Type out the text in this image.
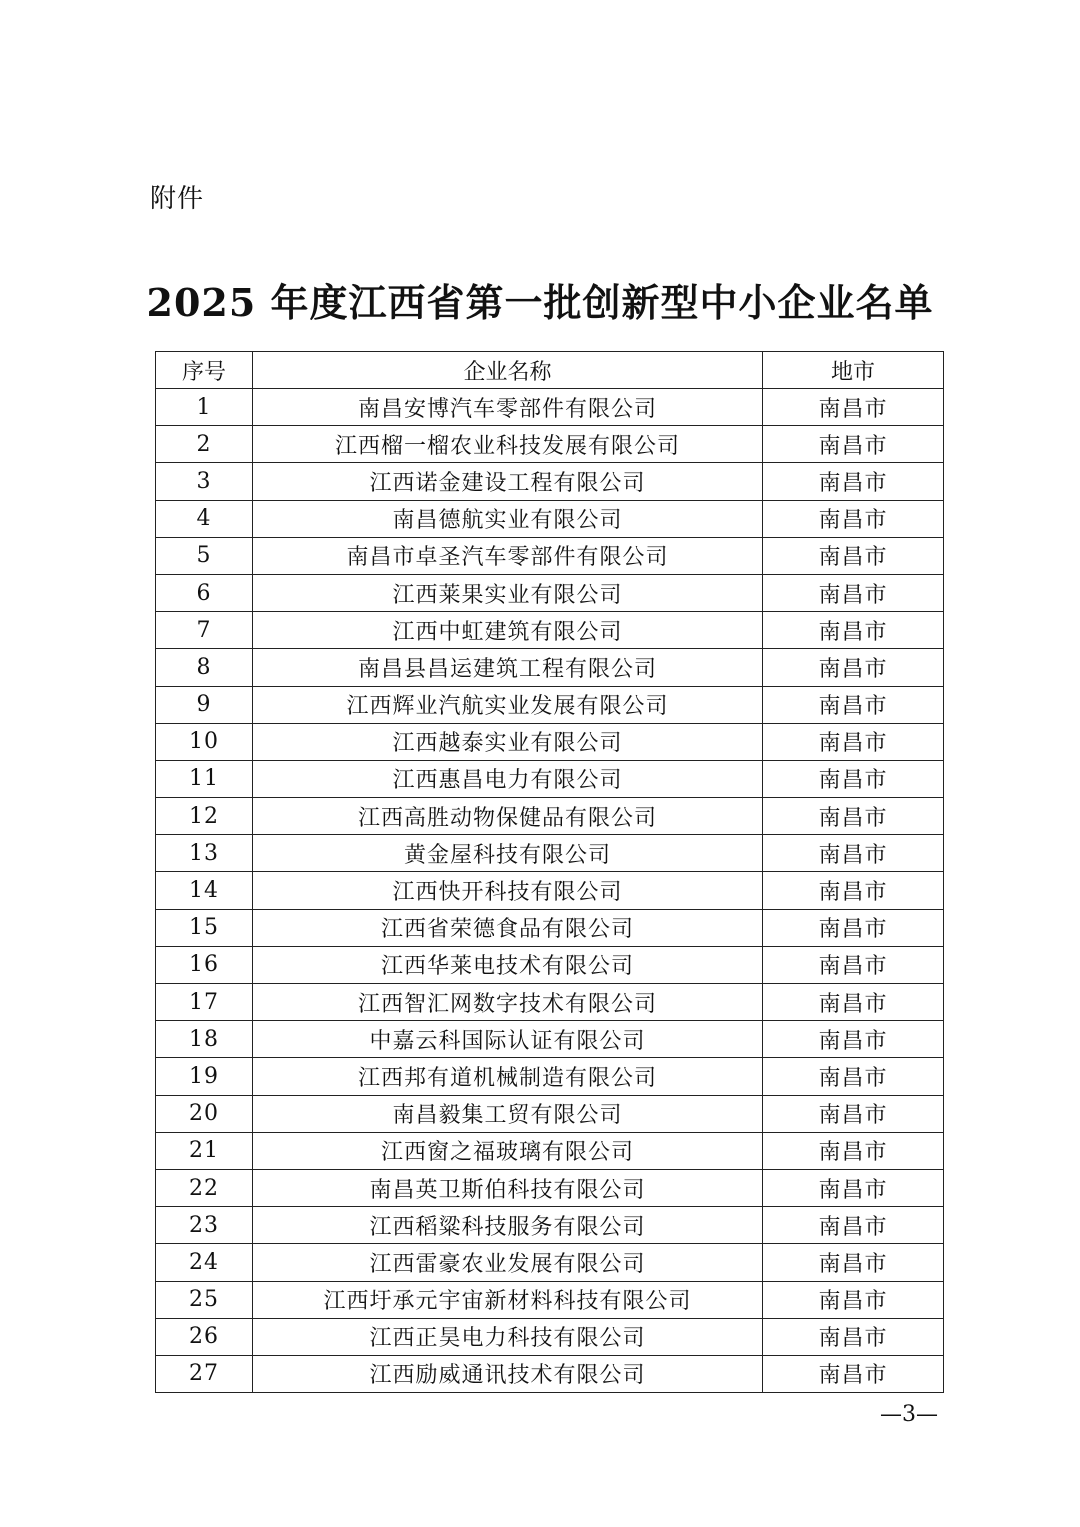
附件
2025 年度江西省第一批创新型中小企业名单
序号	企业名称	地市
1	南昌安博汽车零部件有限公司	南昌市
2	江西榴一榴农业科技发展有限公司	南昌市
3	江西诺金建设工程有限公司	南昌市
4	南昌德航实业有限公司	南昌市
5	南昌市卓圣汽车零部件有限公司	南昌市
6	江西莱果实业有限公司	南昌市
7	江西中虹建筑有限公司	南昌市
8	南昌县昌运建筑工程有限公司	南昌市
9	江西辉业汽航实业发展有限公司	南昌市
10	江西越泰实业有限公司	南昌市
11	江西惠昌电力有限公司	南昌市
12	江西高胜动物保健品有限公司	南昌市
13	黄金屋科技有限公司	南昌市
14	江西快开科技有限公司	南昌市
15	江西省荣德食品有限公司	南昌市
16	江西华莱电技术有限公司	南昌市
17	江西智汇网数字技术有限公司	南昌市
18	中嘉云科国际认证有限公司	南昌市
19	江西邦有道机械制造有限公司	南昌市
20	南昌毅集工贸有限公司	南昌市
21	江西窗之福玻璃有限公司	南昌市
22	南昌英卫斯伯科技有限公司	南昌市
23	江西稻粱科技服务有限公司	南昌市
24	江西雷豪农业发展有限公司	南昌市
25	江西圩承元宇宙新材料科技有限公司	南昌市
26	江西正昊电力科技有限公司	南昌市
27	江西励威通讯技术有限公司	南昌市
—3—
